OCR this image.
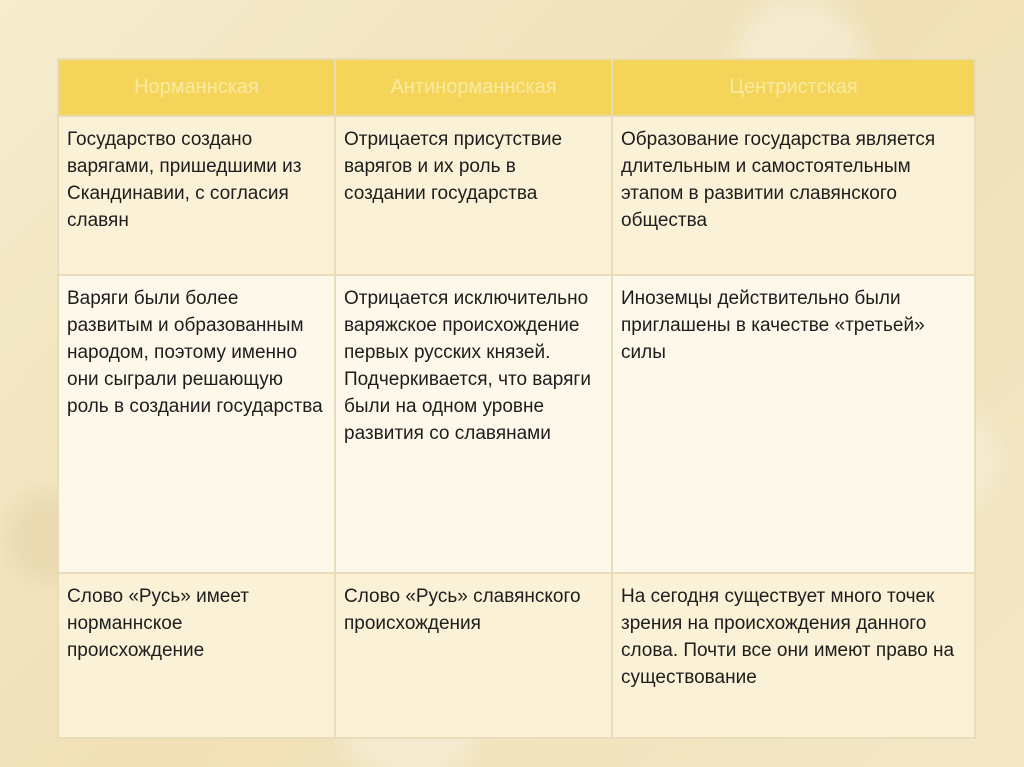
Норманнская	Антинорманнская	Центристская
Государство создано варягами, пришедшими из Скандинавии, с согласия славян	Отрицается присутствие варягов и их роль в создании государства	Образование государства является длительным и самостоятельным этапом в развитии славянского общества
Варяги были более развитым и образованным народом, поэтому именно они сыграли решающую роль в создании государства	Отрицается исключительно варяжское происхождение первых русских князей. Подчеркивается, что варяги были на одном уровне развития со славянами	Иноземцы действительно были приглашены в качестве «третьей» силы
Слово «Русь» имеет норманнское происхождение	Слово «Русь» славянского происхождения	На сегодня существует много точек зрения на происхождения данного слова. Почти все они имеют право на существование
